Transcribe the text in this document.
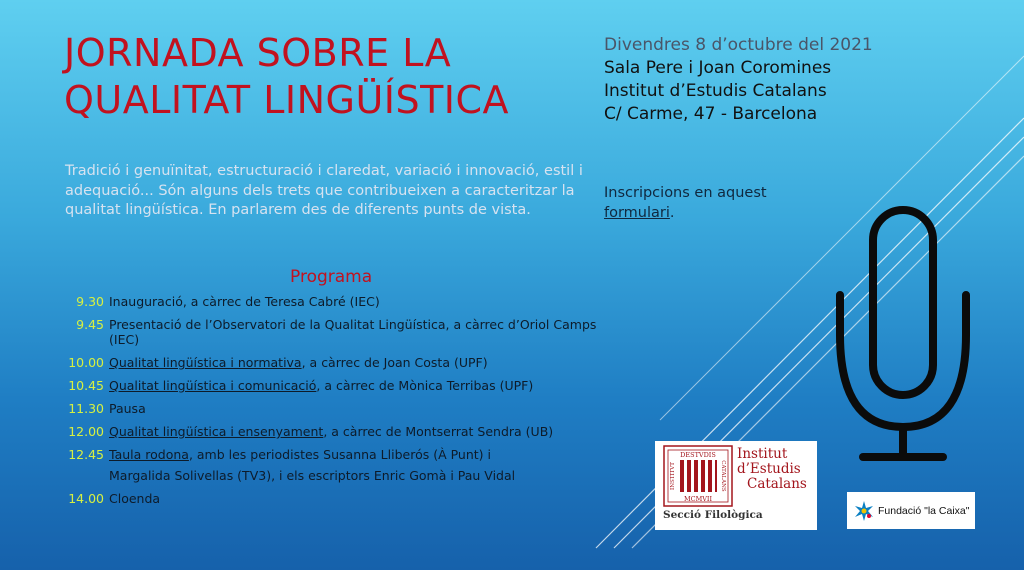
JORNADA SOBRE LA
QUALITAT LINGÜÍSTICA
Divendres 8 d’octubre del 2021
Sala Pere i Joan Coromines
Institut d’Estudis Catalans
C/ Carme, 47 - Barcelona
Tradició i genuïnitat, estructuració i claredat, variació i innovació, estil i adequació... Són alguns dels trets que contribueixen a caracteritzar la qualitat lingüística. En parlarem des de diferents punts de vista.
Inscripcions en aquest
formulari.
Programa
9.30 Inauguració, a càrrec de Teresa Cabré (IEC)
9.45 Presentació de l’Observatori de la Qualitat Lingüística, a càrrec d’Oriol Camps (IEC)
10.00 Qualitat lingüística i normativa, a càrrec de Joan Costa (UPF)
10.45 Qualitat lingüística i comunicació, a càrrec de Mònica Terribas (UPF)
11.30 Pausa
12.00 Qualitat lingüística i ensenyament, a càrrec de Montserrat Sendra (UB)
12.45 Taula rodona, amb les periodistes Susanna Lliberós (À Punt) i
Margalida Solivellas (TV3), i els escriptors Enric Gomà i Pau Vidal
14.00 Cloenda
DESTVDIS
MCMVII
INSTITVT	CATALANS
Institut
d’Estudis
Catalans
Secció Filològica	Fundació "la Caixa"
